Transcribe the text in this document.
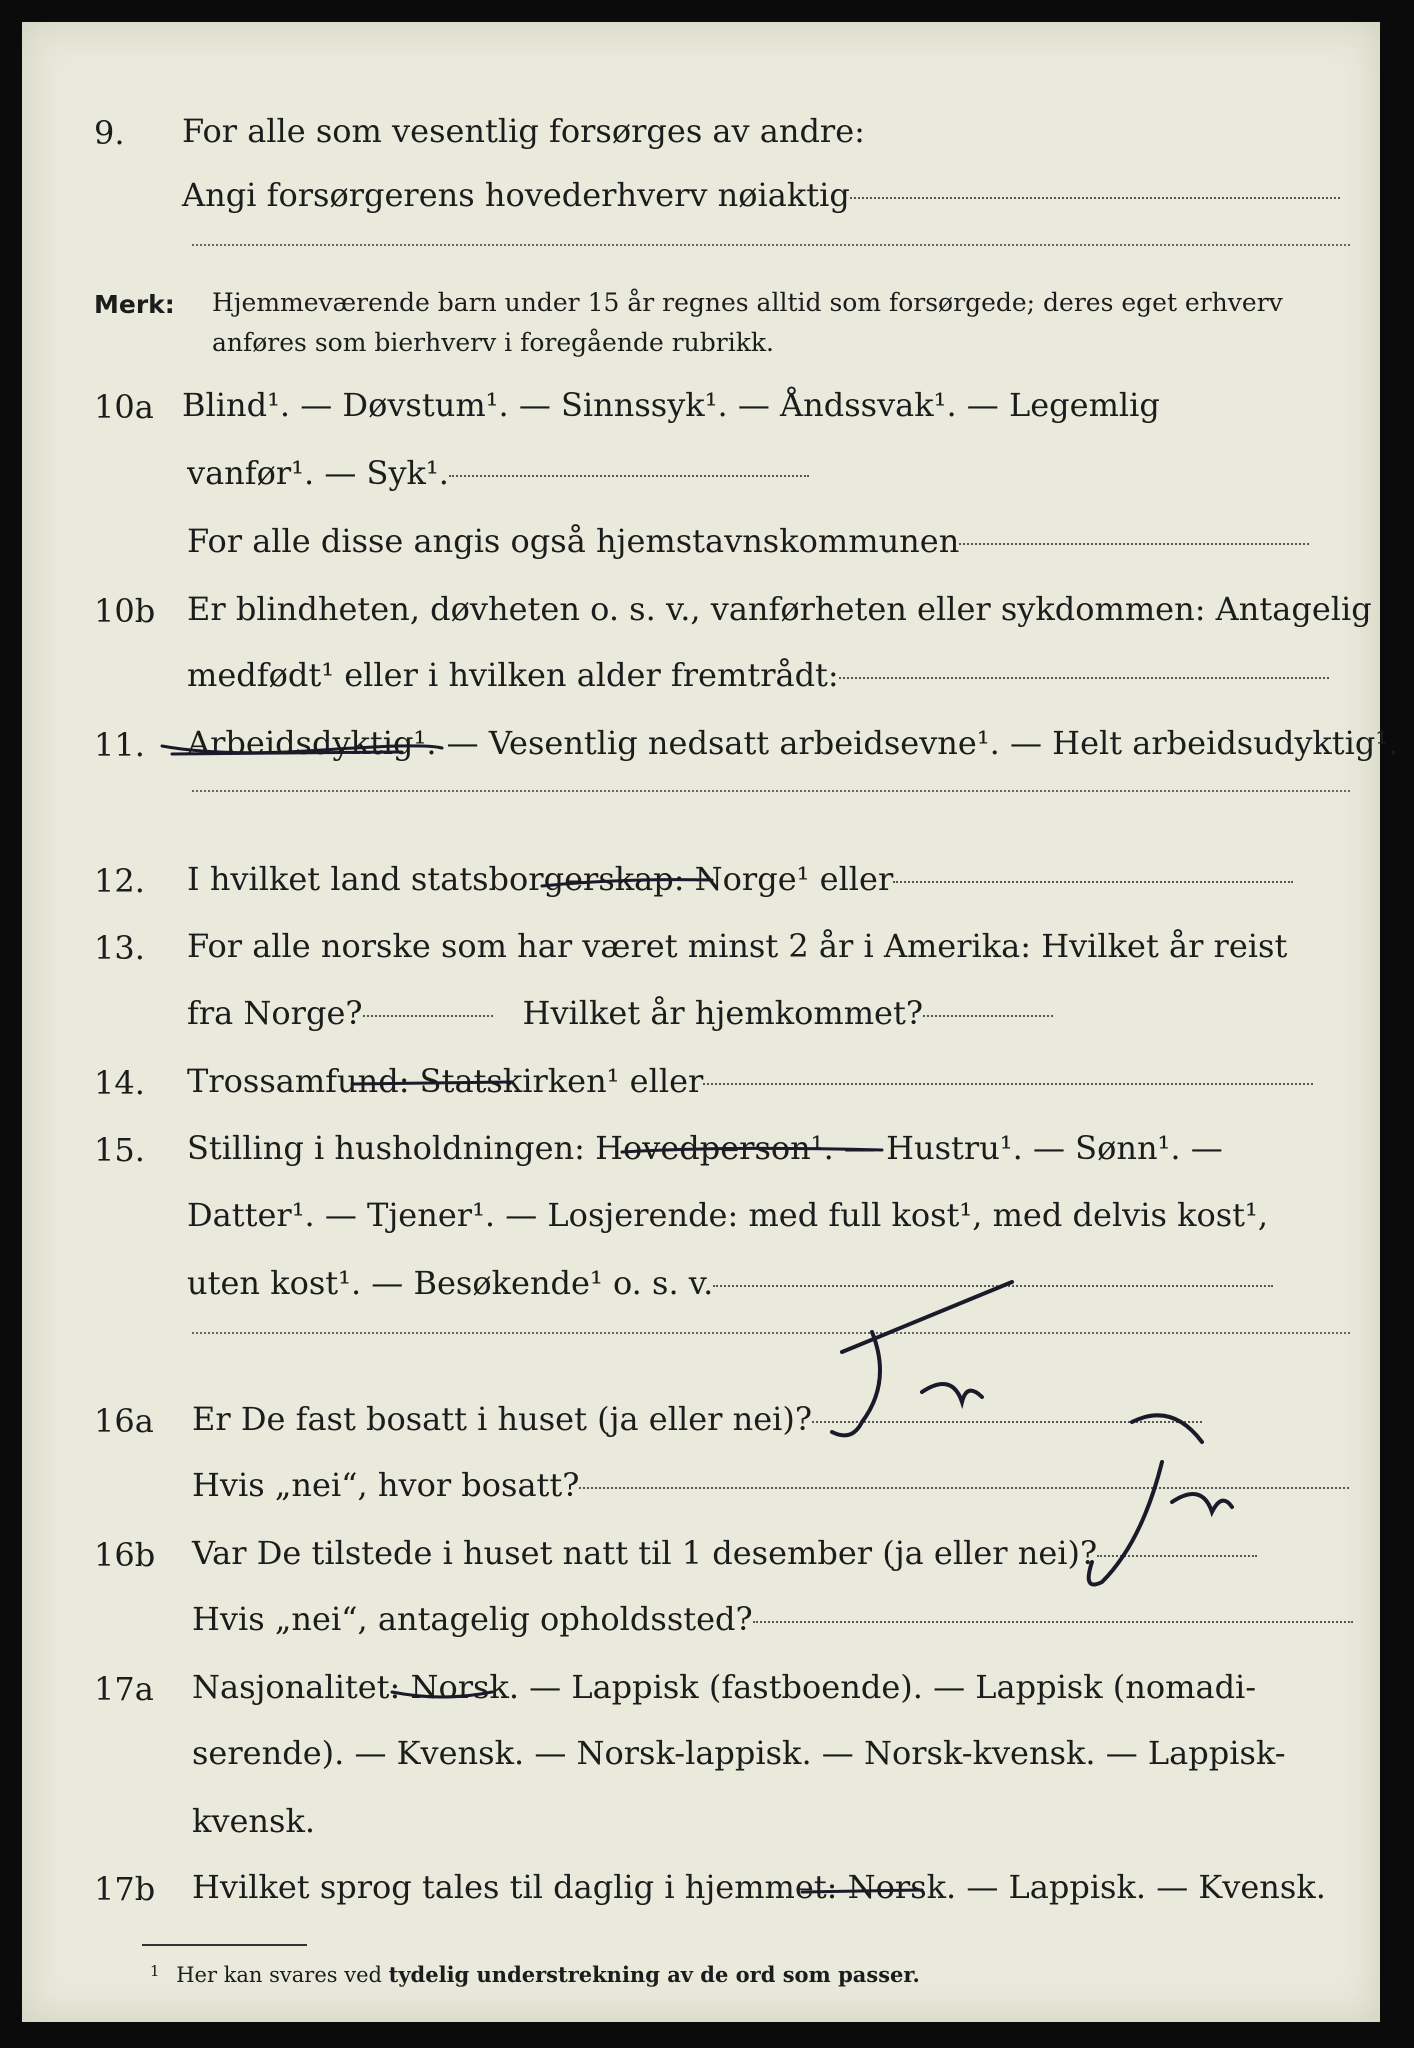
9. For alle som vesentlig forsørges av andre:
Angi forsørgerens hovederhverv nøiaktig
Merk: Hjemmeværende barn under 15 år regnes alltid som forsørgede; deres eget erhverv
anføres som bierhverv i foregående rubrikk.
10a Blind¹. — Døvstum¹. — Sinnssyk¹. — Åndssvak¹. — Legemlig
vanfør¹. — Syk¹.
For alle disse angis også hjemstavnskommunen
10b Er blindheten, døvheten o. s. v., vanførheten eller sykdommen: Antagelig
medfødt¹ eller i hvilken alder fremtrådt:
11. Arbeidsdyktig¹. — Vesentlig nedsatt arbeidsevne¹. — Helt arbeidsudyktig¹.
12. I hvilket land statsborgerskap: Norge¹ eller
13. For alle norske som har været minst 2 år i Amerika: Hvilket år reist
fra Norge?	Hvilket år hjemkommet?
14. Trossamfund: Statskirken¹ eller
15. Stilling i husholdningen: Hovedperson¹. — Hustru¹. — Sønn¹. —
Datter¹. — Tjener¹. — Losjerende: med full kost¹, med delvis kost¹,
uten kost¹. — Besøkende¹ o. s. v.
16a Er De fast bosatt i huset (ja eller nei)?
Hvis „nei“, hvor bosatt?
16b Var De tilstede i huset natt til 1 desember (ja eller nei)?
Hvis „nei“, antagelig opholdssted?
17a Nasjonalitet: Norsk. — Lappisk (fastboende). — Lappisk (nomadi-
serende). — Kvensk. — Norsk-lappisk. — Norsk-kvensk. — Lappisk-
kvensk.
17b Hvilket sprog tales til daglig i hjemmet: Norsk. — Lappisk. — Kvensk.
$^1$ Her kan svares ved tydelig understrekning av de ord som passer.
